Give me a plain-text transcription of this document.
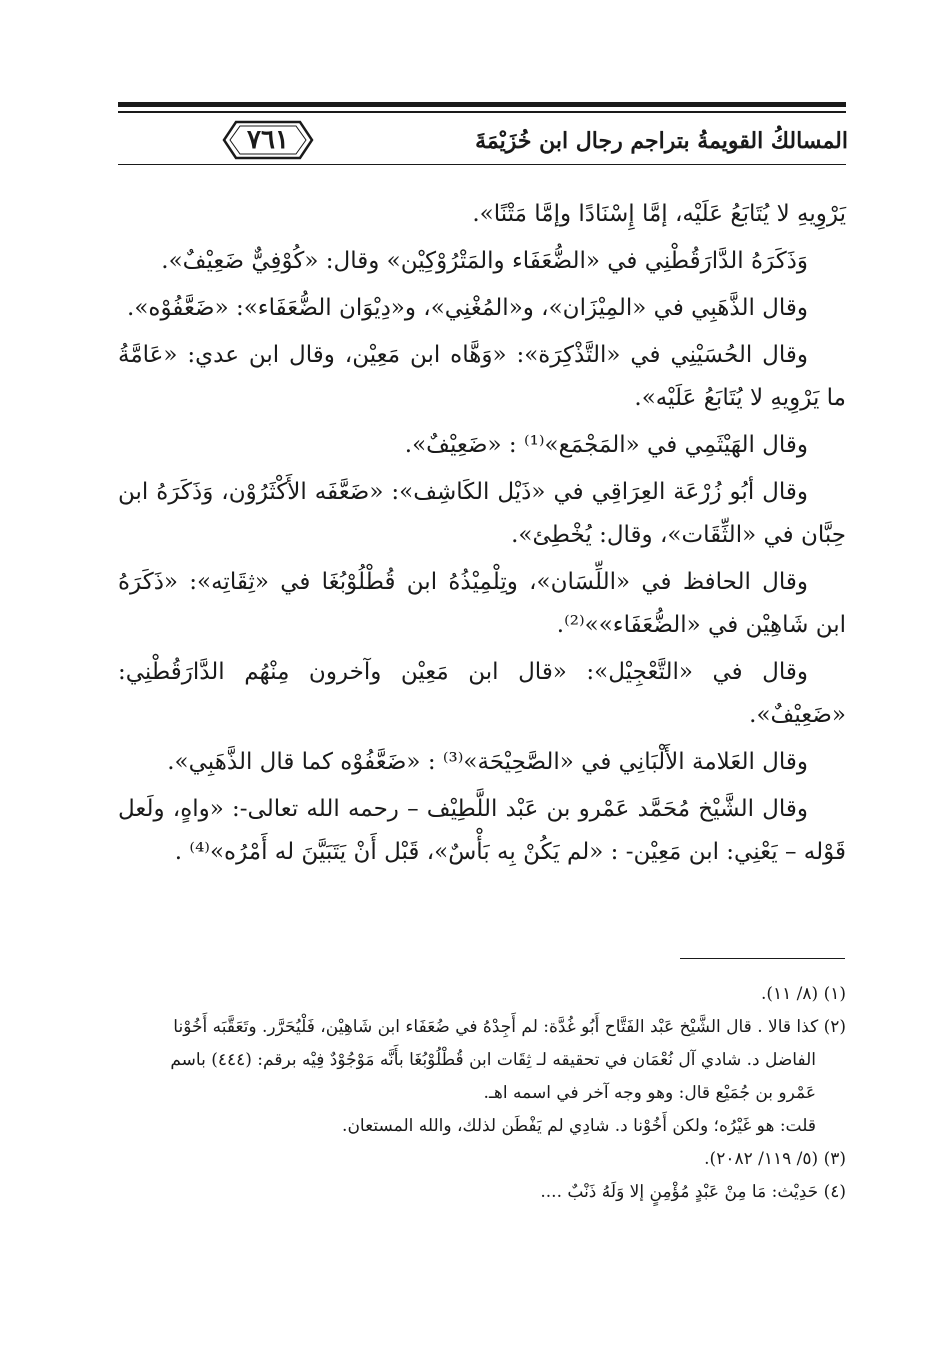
٧٦١	المسالكُ القويمةُ بتراجم رجال ابن خُزَيْمَةَ

يَرْوِيهِ لا يُتَابَعُ عَلَيْه، إمَّا إِسْنَادًا وإمَّا مَتْنًا».

وَذَكَرَهُ الدَّارَقُطْنِي في «الضُّعَفَاء والمَتْرُوْكِيْن» وقال: «كُوْفِيٌّ ضَعِيْفٌ».

وقال الذَّهَبِي في «المِيْزَان»، و«المُغْنِي»، و«دِيْوَان الضُّعَفَاء»: «ضَعَّفُوْه».

وقال الحُسَيْنِي في «التَّذْكِرَة»: «وَهَّاه ابن مَعِيْن، وقال ابن عدي: «عَامَّةُ ما يَرْوِيهِ لا يُتَابَعُ عَلَيْه».

وقال الهَيْثَمِي في «المَجْمَع»⁽¹⁾ : «ضَعِيْفٌ».

وقال أبُو زُرْعَة العِرَاقِي في «ذَيْل الكَاشِف»: «ضَعَّفَه الأَكْثَرُوْن، وَذَكَرَهُ ابن حِبَّان في «الثِّقَات»، وقال: يُخْطِئ».

وقال الحافظ في «اللِّسَان»، وتِلْمِيْذُهُ ابن قُطْلُوْبُغَا في «ثِقَاتِه»: «ذَكَرَهُ ابن شَاهِيْن في «الضُّعَفَاء»»⁽²⁾.

وقال في «التَّعْجِيْل»: «قال ابن مَعِيْن وآخرون مِنْهُم الدَّارَقُطْنِي: «ضَعِيْفٌ».

وقال العَلامة الأَلْبَانِي في «الصَّحِيْحَة»⁽³⁾ : «ضَعَّفُوْه كما قال الذَّهَبِي».

وقال الشَّيْخ مُحَمَّد عَمْرو بن عَبْد اللَّطِيْف – رحمه الله تعالى-: «واهٍ، ولَعل قَوْله – يَعْنِي: ابن مَعِيْن- : «لم يَكُنْ بِه بَأْسٌ»، قَبْل أَنْ يَتَبَيَّنَ له أَمْرُه»⁽⁴⁾ .

(١) (٨/ ١١).

(٢) كذا قالا . قال الشَّيْخ عَبْد الفَتَّاح أَبُو غُدَّة: لم أَجِدْهُ في ضُعَفَاء ابن شَاهِيْن، فَلْيُحَرَّر. وتَعَقَّبَه أَخُوْنا

الفاضل د. شادي آل نُعْمَان في تحقيقه لـ ثِقَات ابن قُطْلُوْبُغَا بأَنَّه مَوْجُوْدٌ فِيْه برقم: (٤٤٤) باسم

عَمْرو بن جُمَيْع قال: وهو وجه آخر في اسمه اهـ.

قلت: هو غَيْرُه؛ ولكن أَخُوْنا د. شادِي لم يَفْطَن لذلك، والله المستعان.

(٣) (٥/ ١١٩/ ٢٠٨٢).

(٤) حَدِيْث: مَا مِنْ عَبْدٍ مُؤْمِنٍ إلا وَلَهُ ذَنْبٌ ....
